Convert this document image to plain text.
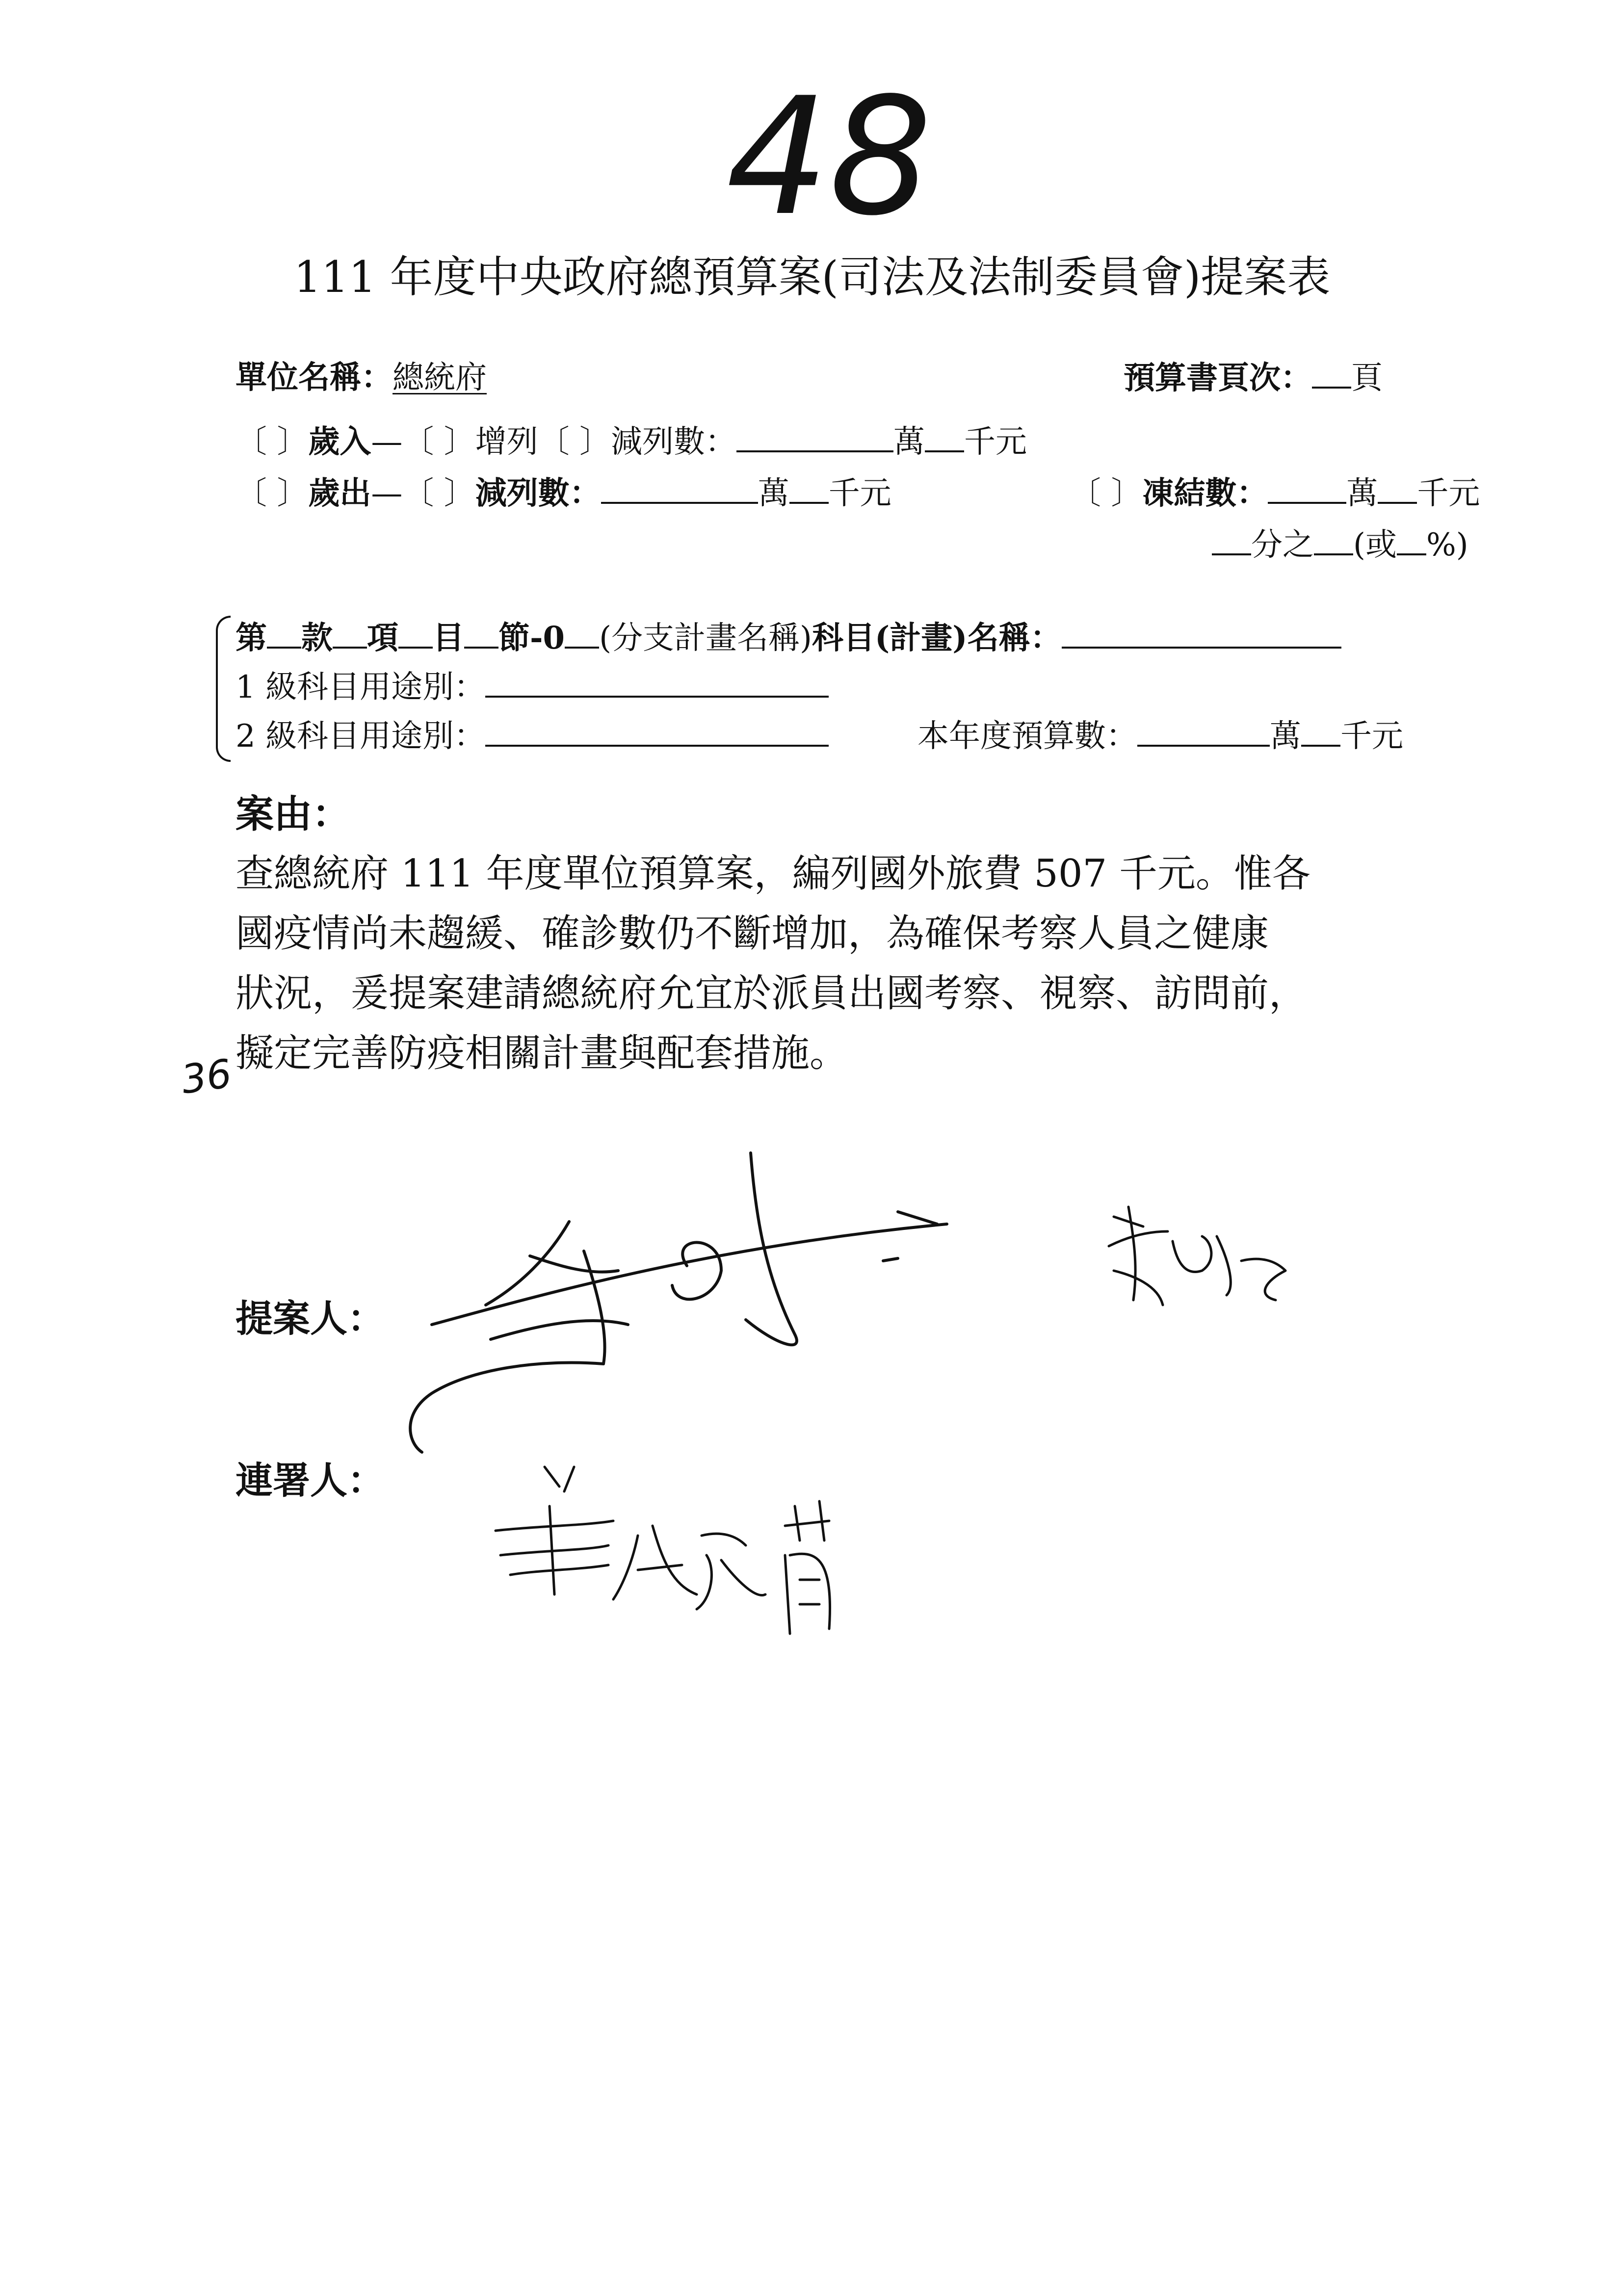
48
111 年度中央政府總預算案(司法及法制委員會)提案表
單位名稱：總統府	預算書頁次： 頁
〔 〕歲入—〔 〕增列〔 〕減列數：	萬 千元
〔 〕歲出—〔 〕減列數：	萬 千元	〔 〕凍結數：	萬 千元
分之 (或 %)
第 款 項 目 節-0 (分支計畫名稱)科目(計畫)名稱：
1 級科目用途別：
2 級科目用途別：	本年度預算數：	萬 千元
案由：
查總統府 111 年度單位預算案，編列國外旅費 507 千元。惟各
國疫情尚未趨緩、確診數仍不斷增加，為確保考察人員之健康
狀況，爰提案建請總統府允宜於派員出國考察、視察、訪問前，
擬定完善防疫相關計畫與配套措施。
36
提案人：
連署人：
